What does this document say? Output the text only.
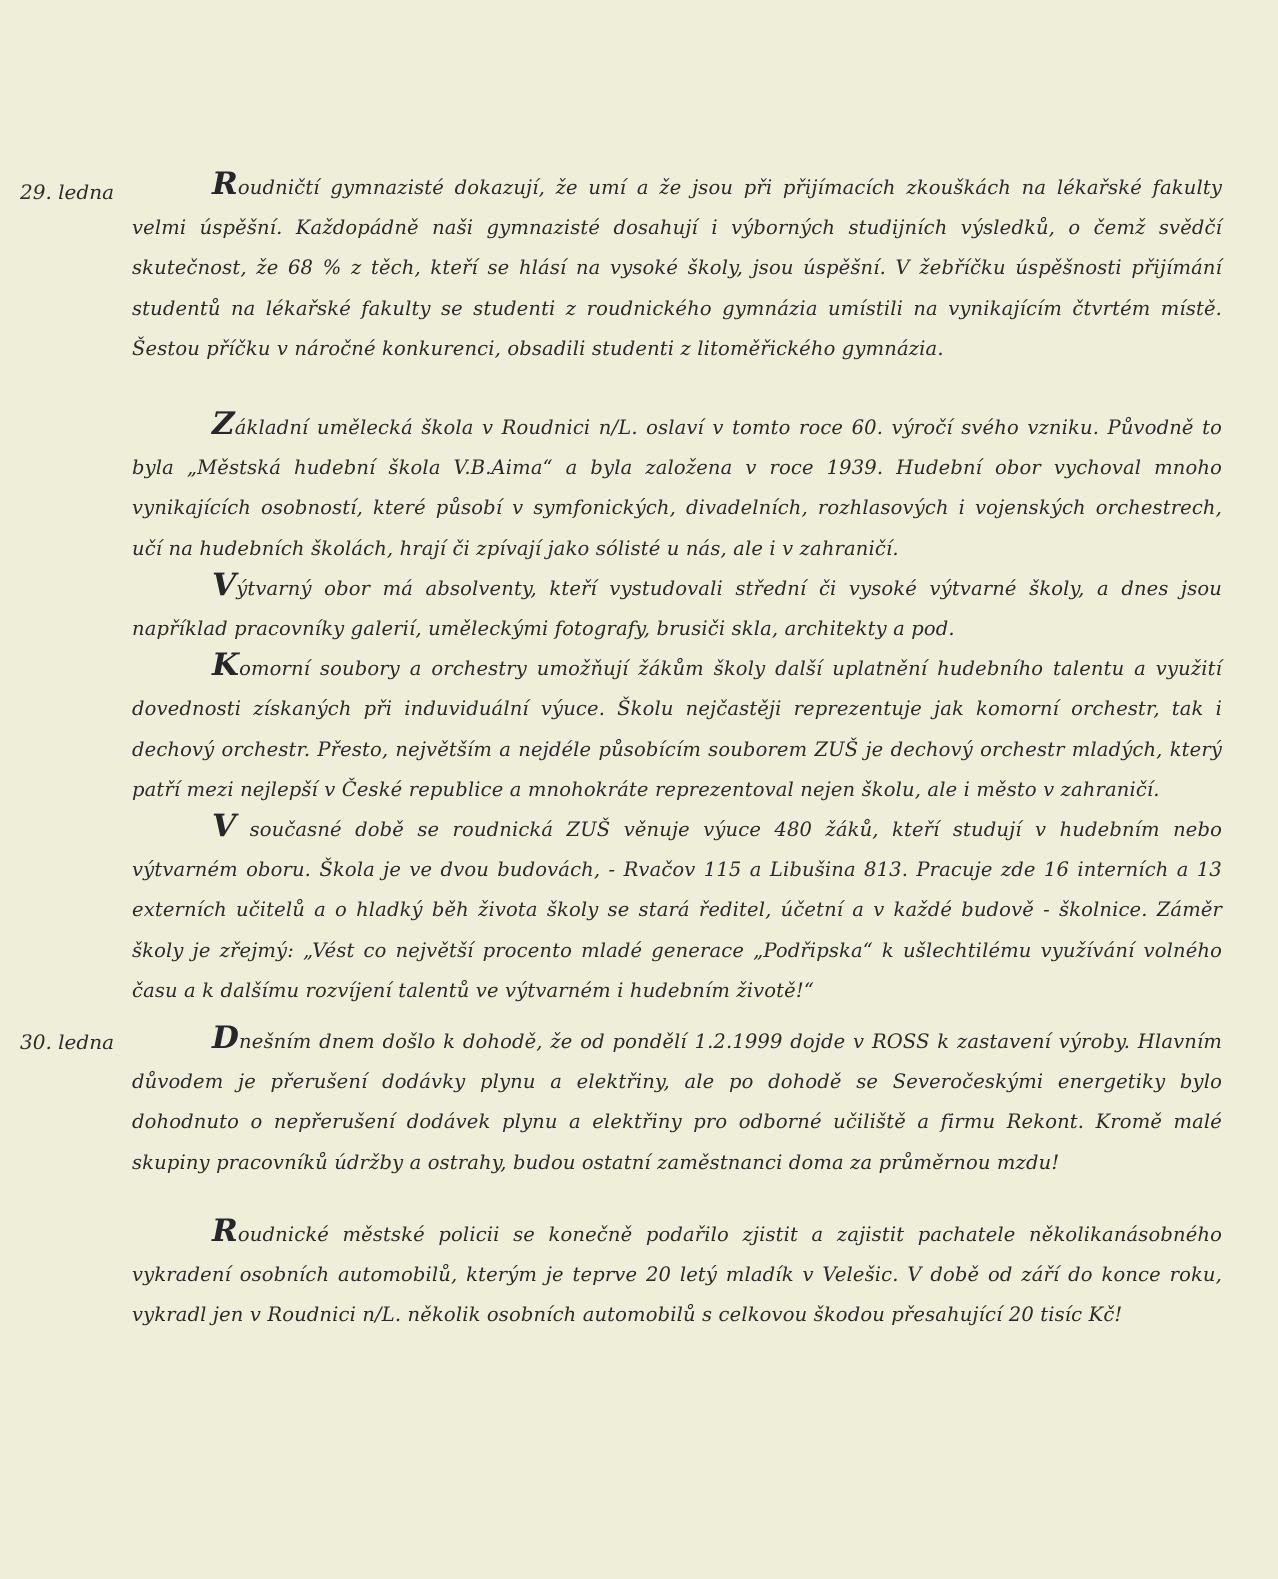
29. ledna	Roudničtí gymnazisté dokazují, že umí a že jsou při přijímacích zkouškách na lékařské fakulty velmi úspěšní. Každopádně naši gymnazisté dosahují i výborných studijních výsledků, o čemž svědčí skutečnost, že 68 % z těch, kteří se hlásí na vysoké školy, jsou úspěšní. V žebříčku úspěšnosti přijímání studentů na lékařské fakulty se studenti z roudnického gymnázia umístili na vynikajícím čtvrtém místě. Šestou příčku v náročné konkurenci, obsadili studenti z litoměřického gymnázia.

Základní umělecká škola v Roudnici n/L. oslaví v tomto roce 60. výročí svého vzniku. Původně to byla „Městská hudební škola V.B.Aima“ a byla založena v roce 1939. Hudební obor vychoval mnoho vynikajících osobností, které působí v symfonických, divadelních, rozhlasových i vojenských orchestrech, učí na hudebních školách, hrají či zpívají jako sólisté u nás, ale i v zahraničí.

Výtvarný obor má absolventy, kteří vystudovali střední či vysoké výtvarné školy, a dnes jsou například pracovníky galerií, uměleckými fotografy, brusiči skla, architekty a pod.

Komorní soubory a orchestry umožňují žákům školy další uplatnění hudebního talentu a využití dovednosti získaných při induviduální výuce. Školu nejčastěji reprezentuje jak komorní orchestr, tak i dechový orchestr. Přesto, největším a nejdéle působícím souborem ZUŠ je dechový orchestr mladých, který patří mezi nejlepší v České republice a mnohokráte reprezentoval nejen školu, ale i město v zahraničí.

V současné době se roudnická ZUŠ věnuje výuce 480 žáků, kteří studují v hudebním nebo výtvarném oboru. Škola je ve dvou budovách, - Rvačov 115 a Libušina 813. Pracuje zde 16 interních a 13 externích učitelů a o hladký běh života školy se stará ředitel, účetní a v každé budově - školnice. Záměr školy je zřejmý: „Vést co největší procento mladé generace „Podřipska“ k ušlechtilému využívání volného času a k dalšímu rozvíjení talentů ve výtvarném i hudebním životě!“

30. ledna	Dnešním dnem došlo k dohodě, že od pondělí 1.2.1999 dojde v ROSS k zastavení výroby. Hlavním důvodem je přerušení dodávky plynu a elektřiny, ale po dohodě se Severočeskými energetiky bylo dohodnuto o nepřerušení dodávek plynu a elektřiny pro odborné učiliště a firmu Rekont. Kromě malé skupiny pracovníků údržby a ostrahy, budou ostatní zaměstnanci doma za průměrnou mzdu!

Roudnické městské policii se konečně podařilo zjistit a zajistit pachatele několikanásobného vykradení osobních automobilů, kterým je teprve 20 letý mladík v Velešic. V době od září do konce roku, vykradl jen v Roudnici n/L. několik osobních automobilů s celkovou škodou přesahující 20 tisíc Kč!
